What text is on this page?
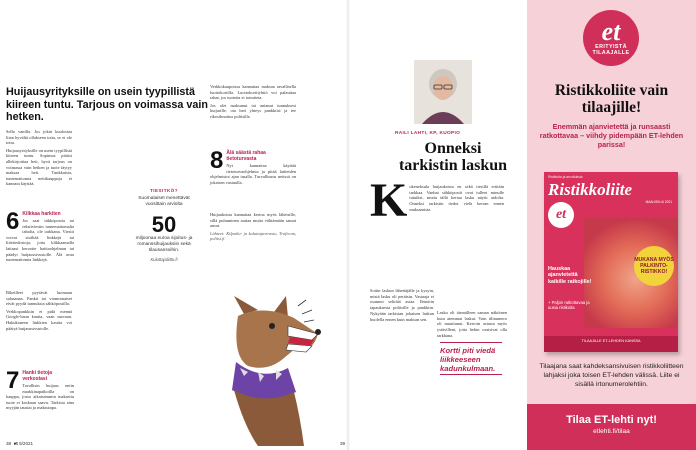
Huijausyrityksille on usein tyypillistä kiireen tuntu. Tarjous on voimassa vain hetken.

Sello vanilla. Jos jokin kuulostaa liian hyvältä ollakseen totta, se ei ole totta.

Huijausyrityksille on usein tyypillistä kiireen tuntu. Sopimus pitäisi allekirjoittaa heti, hyvä tarjous on voimassa vain hetken ja tuote täytyy maksaa heti. Tunkkaisia, tuntemattomia nettikauppoja ei kannata käyttää.

6 Kilkkaa harkiten
Jos saat sähköpostia tai tekstiviestin tuntemattomalta taholta, ole tarkkana. Viestit voivat sisältää linkkejä tai liitetiedostoja, joita klikkaamalla laitaasi kerootte haittaohjelman tai päädyt huijaussivustolle. Älä avaa tuntemattomia linkkejä.

Bikeilleet pyytävät luomaan salasanaa. Pankit tai viranomaiset eivät pyydä tunnuksia sähköpostilla.

Verkkopankkiin ei pidä mennä Google-haun kautta, vaan suoraan. Hakukoneen linkkien kautta voi päätyä huijaussivustolle.

7 Hanki tietoja verkostasi
Tavallisin huijaus netin markkinapaikoilla on kauppa, jossa aikaisemmin maksettu tuote ei koskaan saavu. Tarkista aina myyjän taustat ja maksutapa.
TIESITKÖ?
Suomalaiset menettävät vuosittain arviolta
50
miljoonaa euroa sijoitus- ja romanssihuijauksiin sekä tilausansoihin.
Kuluttajaliitto.fi

Verkkokaupoissa kannattaa maksaa tavallisella luottokortilla. Luottokorttiyhtiö voi palauttaa rahat, jos tuotetta ei toimiteta.

Jos olet maksanut tai antanut tunnuksesi huijarille, ota heti yhteys pankkiisi ja tee rikosilmoitus poliisille.

8 Älä säästä rahaa tietoturvasta
Nyt kannattaa käyttää tietoturvaohjelmia ja pitää laitteiden ohjelmistot ajan tasalla. Turvallisuus netissä on jokaisen vastuulla.

Huijauksista kannattaa kertoa myös läheisille, sillä puhuminen auttaa muita välttämään samat ansat.

Lähteet: Kilpailu- ja kuluttajavirasto, Traficom, poliisi.fi

38 et 5/2021
RAILI LAHTI, KP, KUOPIO
Onneksi tarkistin laskun
K okeneksula huijauksista en sekä tiesillä erittäin tarkkaa. Vanhat sähköpostit ovat tulleet minulle tutuiksi, mutta tällä kertaa lasku näytti aidolta. Onneksi tarkistin tiedot vielä kerran ennen maksamista.
Soitin laskun lähettäjälle ja kysyin, mistä lasku oli peräisin. Vastaaja ei osannut selittää asiaa. Ilmoitin tapauksesta poliisille ja pankkiin. Nykyään tarkistan jokaisen laskun huolella ennen kuin maksan sen.
Lasku oli täsmälleen saman näköinen kuin aiemmat laskut. Vain tilinumero oli muuttunut. Kerroin asiasta myös ystävilleni, jotta hekin osaisivat olla tarkkana.
Kortti piti viedä liikkeeseen kadunkulmaan.
39
et
ERITYISTÄ TILAAJALLE
Ristikkoliite vain tilaajille!
Enemmän ajanvietettä ja runsaasti ratkottavaa – viihdy pidempään ET-lehden parissa!
Ristikoita ja arvoituksia
Ristikkoliite
MAALISKUU 2021
et
MUKANA MYÖS PALKINTO-RISTIKKO!
Hauskaa ajanvietettä kaikille ratkojille!
+ Paljon ratkottavaa ja uusia ristikoita
TILAAJILLE ET-LEHDEN KANSSA
Tilaajana saat kahdeksansivuisen ristikkoliitteen lahjaksi joka toisen ET-lehden välissä. Liite ei sisällä irtonumerolehtiin.
Tilaa ET-lehti nyt!
etlehti.fi/tilaa
